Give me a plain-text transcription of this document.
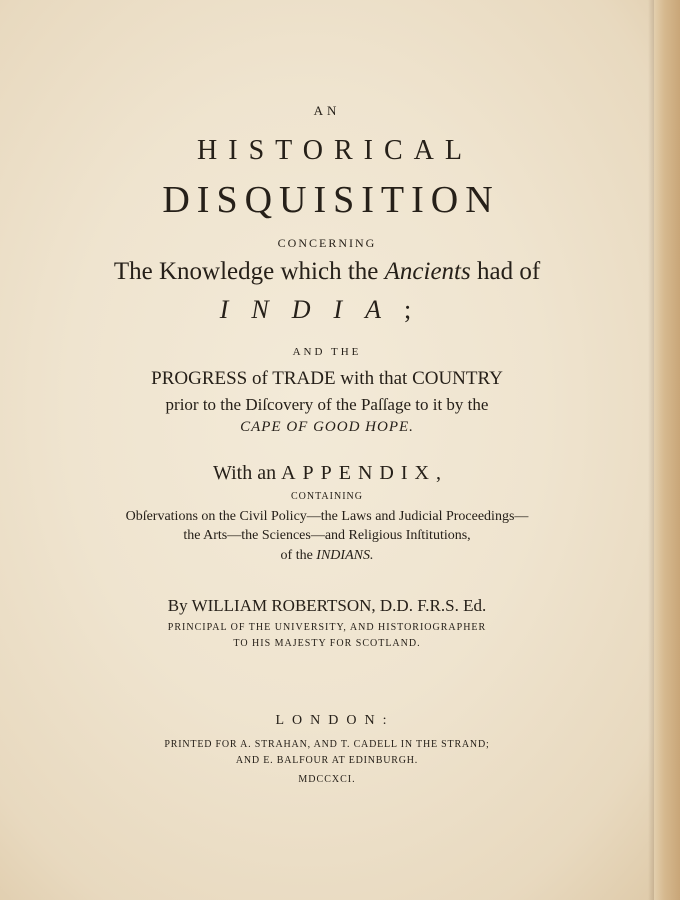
AN
HISTORICAL
DISQUISITION
CONCERNING
The Knowledge which the Ancients had of
INDIA;
AND THE
PROGRESS of TRADE with that COUNTRY
prior to the Diſcovery of the Paſſage to it by the
CAPE OF GOOD HOPE.
With an APPENDIX,
CONTAINING
Obſervations on the Civil Policy—the Laws and Judicial Proceedings—
the Arts—the Sciences—and Religious Inſtitutions,
of the INDIANS.
By WILLIAM ROBERTSON, D.D. F.R.S. Ed.
PRINCIPAL OF THE UNIVERSITY, AND HISTORIOGRAPHER
TO HIS MAJESTY FOR SCOTLAND.
LONDON:
PRINTED FOR A. STRAHAN, AND T. CADELL IN THE STRAND;
AND E. BALFOUR AT EDINBURGH.
MDCCXCI.
